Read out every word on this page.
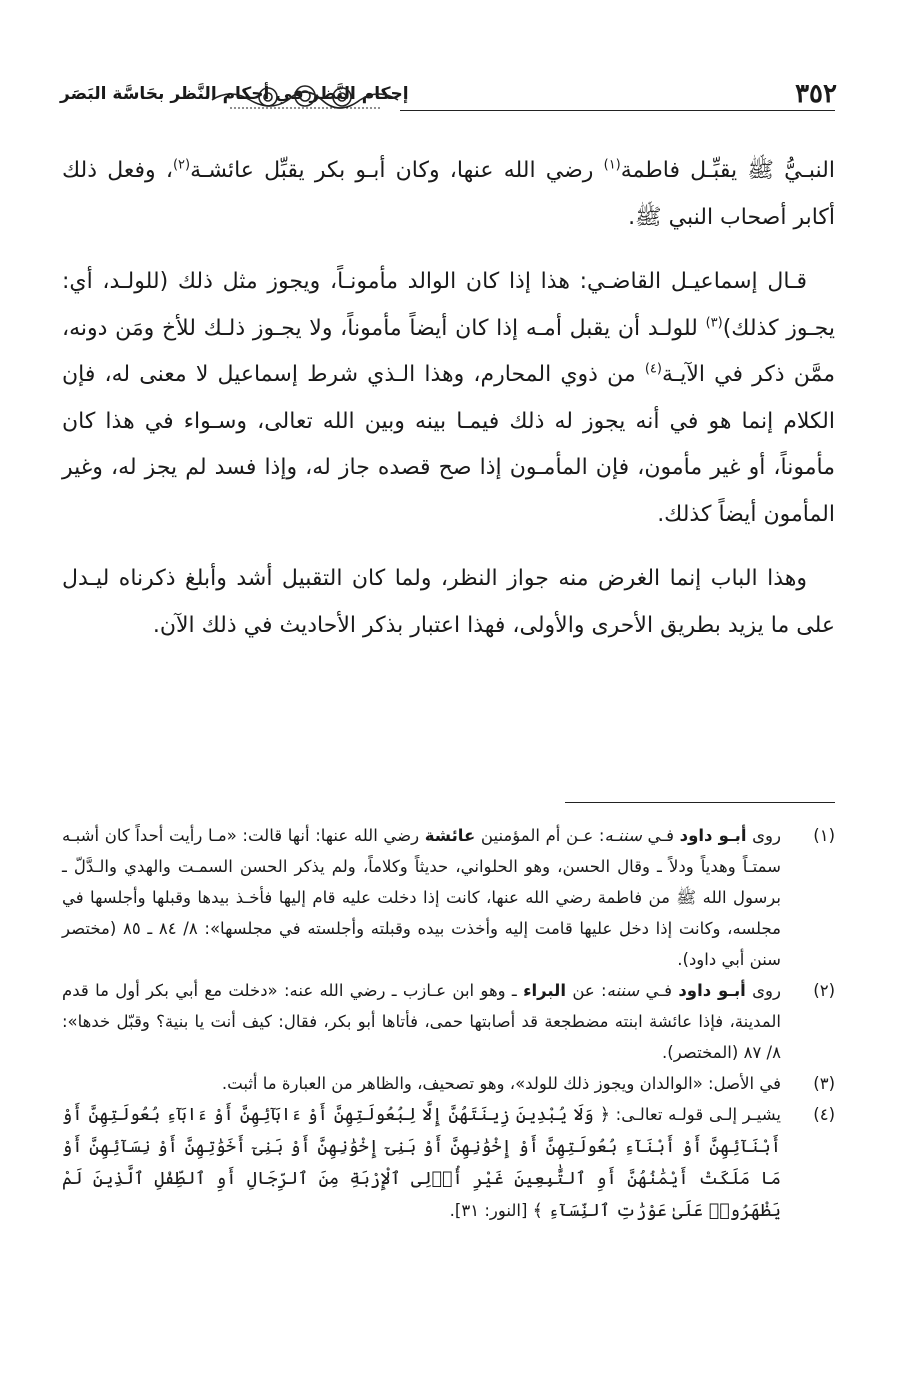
٣٥٢
إحكام النَّظر في أحكام النَّظر بحَاسَّة البَصَر

النبـيُّ ﷺ يقبِّـل فاطمة$^{(١)}$ رضي الله عنها، وكان أبـو بكر يقبِّل عائشـة$^{(٢)}$، وفعل ذلك أكابر أصحاب النبي ﷺ.

قـال إسماعيـل القاضـي: هذا إذا كان الوالد مأمونـاً، ويجوز مثل ذلك (للولـد، أي: يجـوز كذلك)$^{(٣)}$ للولـد أن يقبل أمـه إذا كان أيضاً مأموناً، ولا يجـوز ذلـك للأخ ومَن دونه، ممَّن ذكر في الآيـة$^{(٤)}$ من ذوي المحارم، وهذا الـذي شرط إسماعيل لا معنى له، فإن الكلام إنما هو في أنه يجوز له ذلك فيمـا بينه وبين الله تعالى، وسـواء في هذا كان مأموناً، أو غير مأمون، فإن المأمـون إذا صح قصده جاز له، وإذا فسد لم يجز له، وغير المأمون أيضاً كذلك.

وهذا الباب إنما الغرض منه جواز النظر، ولما كان التقبيل أشد وأبلغ ذكرناه ليـدل على ما يزيد بطريق الأحرى والأولى، فهذا اعتبار بذكر الأحاديث في ذلك الآن.

(١)
روى أبـو داود فـي سننـه: عـن أم المؤمنين عائشة رضي الله عنها: أنها قالت: «مـا رأيت أحداً كان أشبـه سمتـاً وهدياً ودلاً ـ وقال الحسن، وهو الحلواني، حديثاً وكلاماً، ولم يذكر الحسن السمـت والهدي والـدَّلّ ـ برسول الله ﷺ من فاطمة رضي الله عنها، كانت إذا دخلت عليه قام إليها فأخـذ بيدها وقبلها وأجلسها في مجلسه، وكانت إذا دخل عليها قامت إليه وأخذت بيده وقبلته وأجلسته في مجلسها»: ٨/ ٨٤ ـ ٨٥ (مختصر سنن أبي داود).
(٢)
روى أبـو داود فـي سننه: عن البراء ـ وهو ابن عـازب ـ رضي الله عنه: «دخلت مع أبي بكر أول ما قدم المدينة، فإذا عائشة ابنته مضطجعة قد أصابتها حمى، فأتاها أبو بكر، فقال: كيف أنت يا بنية؟ وقبّل خدها»: ٨/ ٨٧ (المختصر).
(٣)
في الأصل: «الوالدان ويجوز ذلك للولد»، وهو تصحيف، والظاهر من العبارة ما أثبت.
(٤)
يشيـر إلـى قولـه تعالـى: ﴿ وَلَا يُبْدِينَ زِينَتَهُنَّ إِلَّا لِبُعُولَتِهِنَّ أَوْ ءَابَآئِهِنَّ أَوْ ءَابَآءِ بُعُولَتِهِنَّ أَوْ أَبْنَآئِهِنَّ أَوْ أَبْنَآءِ بُعُولَتِهِنَّ أَوْ إِخْوَٰنِهِنَّ أَوْ بَنِىٓ إِخْوَٰنِهِنَّ أَوْ بَنِىٓ أَخَوَٰتِهِنَّ أَوْ نِسَآئِهِنَّ أَوْ مَا مَلَكَتْ أَيْمَٰنُهُنَّ أَوِ ٱلتَّٰبِعِينَ غَيْرِ أُو۟لِى ٱلْإِرْبَةِ مِنَ ٱلرِّجَالِ أَوِ ٱلطِّفْلِ ٱلَّذِينَ لَمْ يَظْهَرُوا۟ عَلَىٰ عَوْرَٰتِ ٱلنِّسَآءِ ﴾ [النور: ٣١].
